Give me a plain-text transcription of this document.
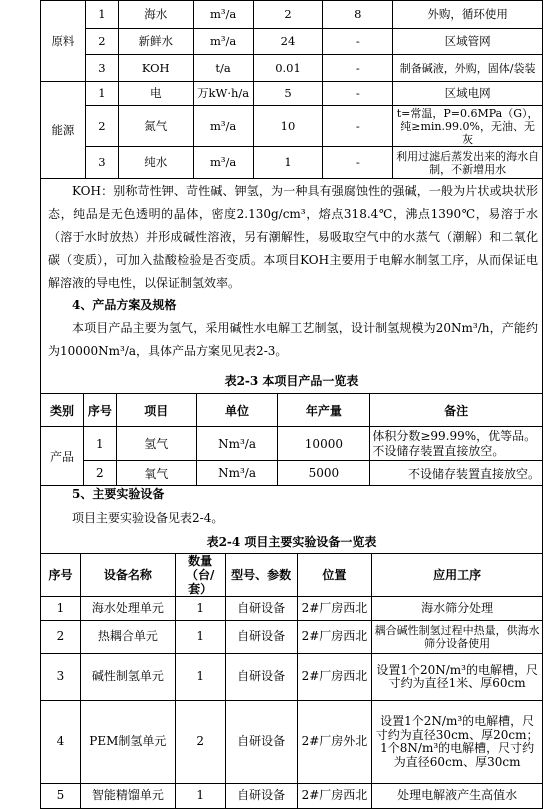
原料	1	海水	m³/a	2	8	外购，循环使用
	2	新鲜水	m³/a	24	-	区域管网
	3	KOH	t/a	0.01	-	制备碱液，外购，固体/袋装
能源	1	电	万kW·h/a	5	-	区域电网
	2	氮气	m³/a	10	-	t=常温，P=0.6MPa（G），纯≥min.99.0%，无油、无灰
	3	纯水	m³/a	1	-	利用过滤后蒸发出来的海水自制，不新增用水
KOH：别称苛性钾、苛性碱、钾氢，为一种具有强腐蚀性的强碱，一般为片状或块状形态，纯品是无色透明的晶体，密度2.130g/cm³，熔点318.4℃，沸点1390℃，易溶于水（溶于水时放热）并形成碱性溶液，另有潮解性，易吸取空气中的水蒸气（潮解）和二氧化碳（变质），可加入盐酸检验是否变质。本项目KOH主要用于电解水制氢工序，从而保证电解溶液的导电性，以保证制氢效率。
4、产品方案及规格
本项目产品主要为氢气，采用碱性水电解工艺制氢，设计制氢规模为20Nm³/h，产能约为10000Nm³/a，具体产品方案见见表2-3。
表2-3 本项目产品一览表
类别	序号	项目	单位	年产量	备注
产品	1	氢气	Nm³/a	10000	体积分数≥99.99%，优等品。不设储存装置直接放空。
	2	氧气	Nm³/a	5000	不设储存装置直接放空。
5、主要实验设备
项目主要实验设备见表2-4。
表2-4 项目主要实验设备一览表
序号	设备名称	数量（台/套）	型号、参数	位置	应用工序
1	海水处理单元	1	自研设备	2#厂房西北	海水筛分处理
2	热耦合单元	1	自研设备	2#厂房西北	耦合碱性制氢过程中热量，供海水筛分设备使用
3	碱性制氢单元	1	自研设备	2#厂房西北	设置1个20N/m³的电解槽，尺寸约为直径1米、厚60cm
4	PEM制氢单元	2	自研设备	2#厂房外北	设置1个2N/m³的电解槽，尺寸约为直径30cm、厚20cm；1个8N/m³的电解槽，尺寸约为直径60cm、厚30cm
5	智能精馏单元	1	自研设备	2#厂房西北	处理电解液产生高值水
